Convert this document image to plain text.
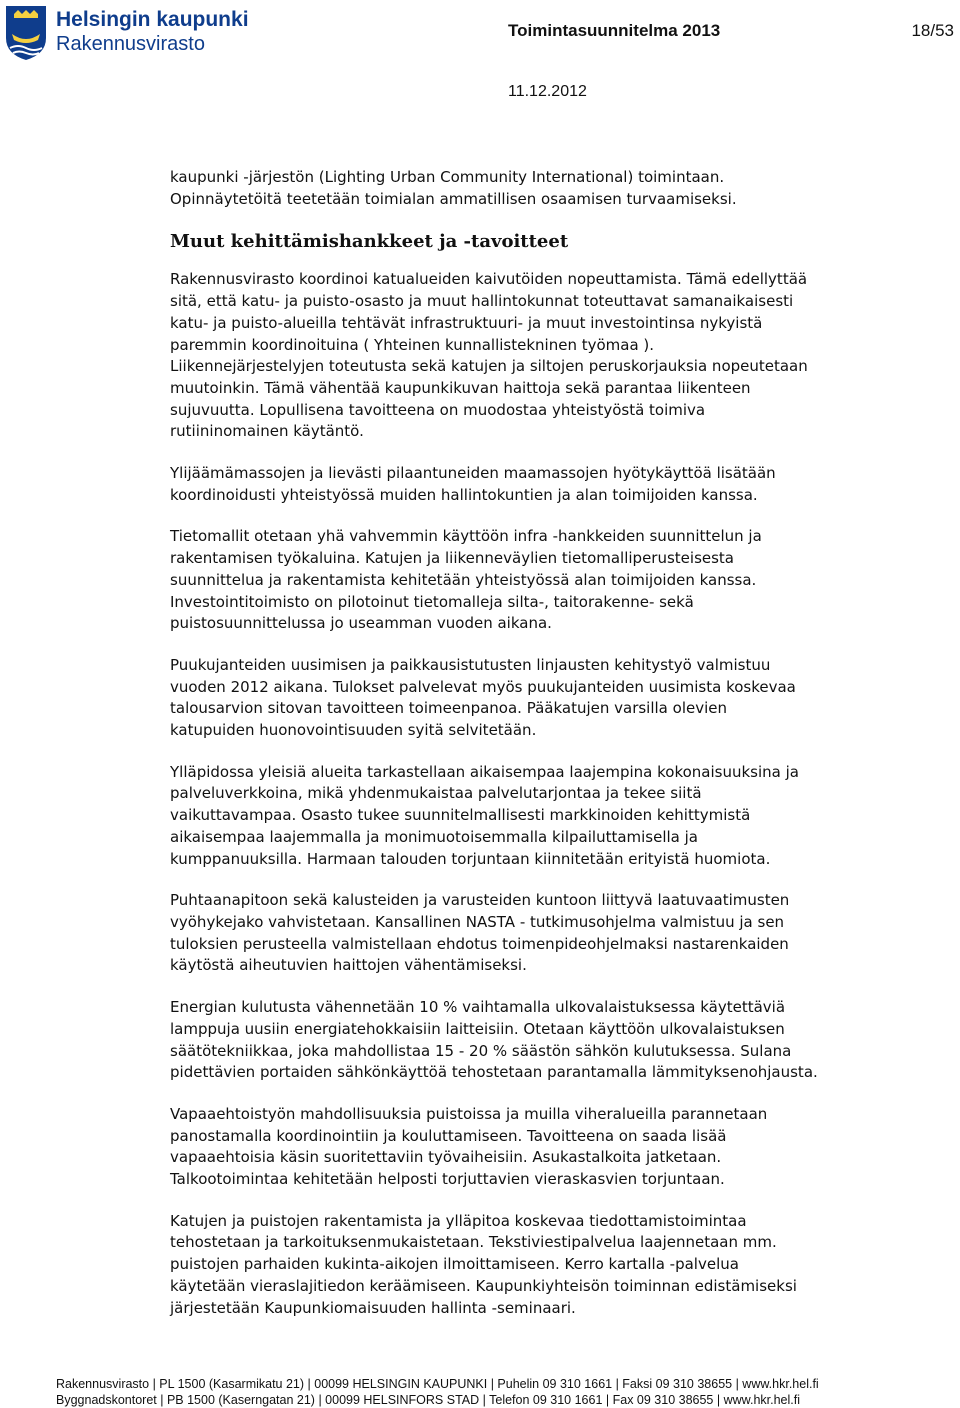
Helsingin kaupunki
Rakennusvirasto
Toimintasuunnitelma 2013	18/53
11.12.2012

kaupunki -järjestön (Lighting Urban Community International) toimintaan.
Opinnäytetöitä teetetään toimialan ammatillisen osaamisen turvaamiseksi.

Muut kehittämishankkeet ja -tavoitteet

Rakennusvirasto koordinoi katualueiden kaivutöiden nopeuttamista. Tämä edellyttää
sitä, että katu- ja puisto-osasto ja muut hallintokunnat toteuttavat samanaikaisesti
katu- ja puisto-alueilla tehtävät infrastruktuuri- ja muut investointinsa nykyistä
paremmin koordinoituina ( Yhteinen kunnallistekninen työmaa ).
Liikennejärjestelyjen toteutusta sekä katujen ja siltojen peruskorjauksia nopeutetaan
muutoinkin. Tämä vähentää kaupunkikuvan haittoja sekä parantaa liikenteen
sujuvuutta. Lopullisena tavoitteena on muodostaa yhteistyöstä toimiva
rutiininomainen käytäntö.

Ylijäämämassojen ja lievästi pilaantuneiden maamassojen hyötykäyttöä lisätään
koordinoidusti yhteistyössä muiden hallintokuntien ja alan toimijoiden kanssa.

Tietomallit otetaan yhä vahvemmin käyttöön infra -hankkeiden suunnittelun ja
rakentamisen työkaluina. Katujen ja liikenneväylien tietomalliperusteisesta
suunnittelua ja rakentamista kehitetään yhteistyössä alan toimijoiden kanssa.
Investointitoimisto on pilotoinut tietomalleja silta-, taitorakenne- sekä
puistosuunnittelussa jo useamman vuoden aikana.

Puukujanteiden uusimisen ja paikkausistutusten linjausten kehitystyö valmistuu
vuoden 2012 aikana. Tulokset palvelevat myös puukujanteiden uusimista koskevaa
talousarvion sitovan tavoitteen toimeenpanoa. Pääkatujen varsilla olevien
katupuiden huonovointisuuden syitä selvitetään.

Ylläpidossa yleisiä alueita tarkastellaan aikaisempaa laajempina kokonaisuuksina ja
palveluverkkoina, mikä yhdenmukaistaa palvelutarjontaa ja tekee siitä
vaikuttavampaa. Osasto tukee suunnitelmallisesti markkinoiden kehittymistä
aikaisempaa laajemmalla ja monimuotoisemmalla kilpailuttamisella ja
kumppanuuksilla. Harmaan talouden torjuntaan kiinnitetään erityistä huomiota.

Puhtaanapitoon sekä kalusteiden ja varusteiden kuntoon liittyvä laatuvaatimusten
vyöhykejako vahvistetaan. Kansallinen NASTA - tutkimusohjelma valmistuu ja sen
tuloksien perusteella valmistellaan ehdotus toimenpideohjelmaksi nastarenkaiden
käytöstä aiheutuvien haittojen vähentämiseksi.

Energian kulutusta vähennetään 10 % vaihtamalla ulkovalaistuksessa käytettäviä
lamppuja uusiin energiatehokkaisiin laitteisiin. Otetaan käyttöön ulkovalaistuksen
säätötekniikkaa, joka mahdollistaa 15 - 20 % säästön sähkön kulutuksessa. Sulana
pidettävien portaiden sähkönkäyttöä tehostetaan parantamalla lämmityksenohjausta.

Vapaaehtoistyön mahdollisuuksia puistoissa ja muilla viheralueilla parannetaan
panostamalla koordinointiin ja kouluttamiseen. Tavoitteena on saada lisää
vapaaehtoisia käsin suoritettaviin työvaiheisiin. Asukastalkoita jatketaan.
Talkootoimintaa kehitetään helposti torjuttavien vieraskasvien torjuntaan.

Katujen ja puistojen rakentamista ja ylläpitoa koskevaa tiedottamistoimintaa
tehostetaan ja tarkoituksenmukaistetaan. Tekstiviestipalvelua laajennetaan mm.
puistojen parhaiden kukinta-aikojen ilmoittamiseen. Kerro kartalla -palvelua
käytetään vieraslajitiedon keräämiseen. Kaupunkiyhteisön toiminnan edistämiseksi
järjestetään Kaupunkiomaisuuden hallinta -seminaari.

Rakennusvirasto | PL 1500 (Kasarmikatu 21) | 00099 HELSINGIN KAUPUNKI | Puhelin 09 310 1661 | Faksi 09 310 38655 | www.hkr.hel.fi
Byggnadskontoret | PB 1500 (Kaserngatan 21) | 00099 HELSINFORS STAD | Telefon 09 310 1661 | Fax 09 310 38655 | www.hkr.hel.fi
